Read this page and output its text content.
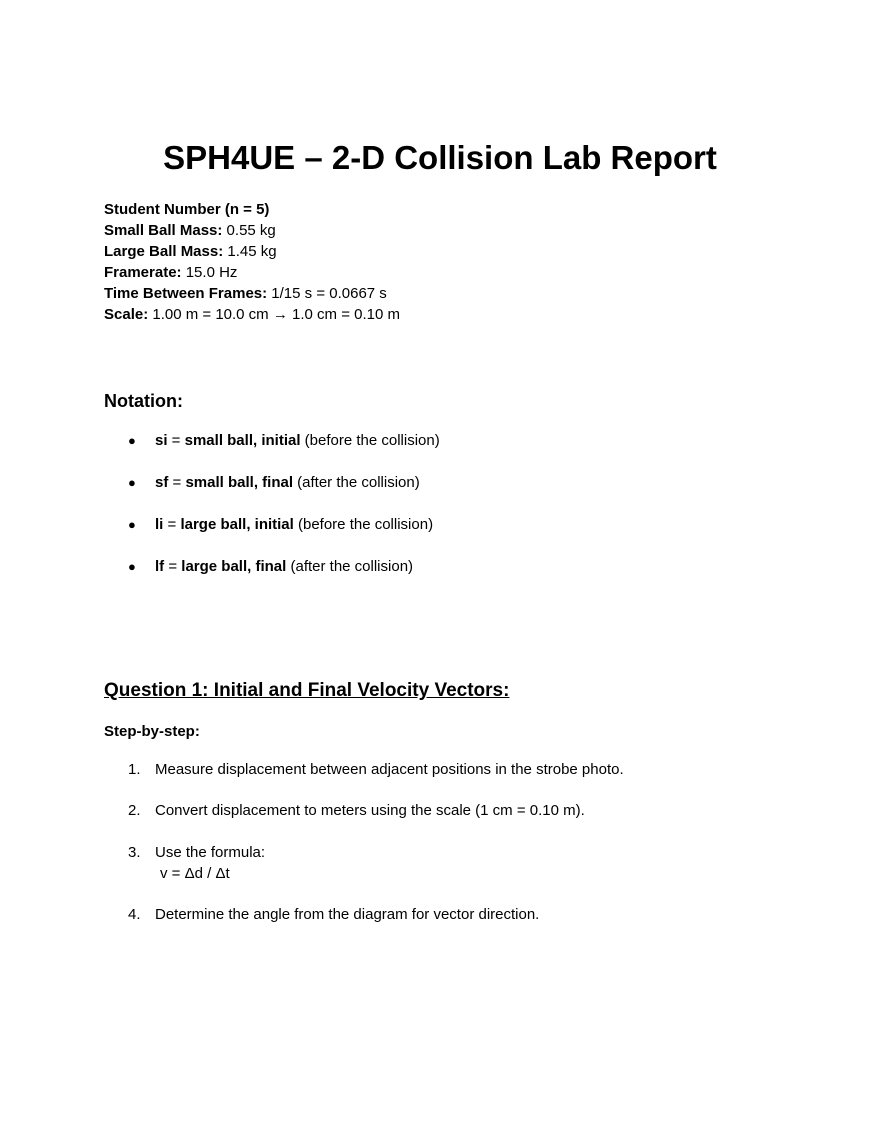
SPH4UE – 2-D Collision Lab Report
Student Number (n = 5)
Small Ball Mass: 0.55 kg
Large Ball Mass: 1.45 kg
Framerate: 15.0 Hz
Time Between Frames: 1/15 s = 0.0667 s
Scale: 1.00 m = 10.0 cm → 1.0 cm = 0.10 m
Notation:
● si = small ball, initial (before the collision)
● sf = small ball, final (after the collision)
● li = large ball, initial (before the collision)
● lf = large ball, final (after the collision)
Question 1: Initial and Final Velocity Vectors:
Step-by-step:
1. Measure displacement between adjacent positions in the strobe photo.
2. Convert displacement to meters using the scale (1 cm = 0.10 m).
3. Use the formula:
v = Δd / Δt
4. Determine the angle from the diagram for vector direction.
